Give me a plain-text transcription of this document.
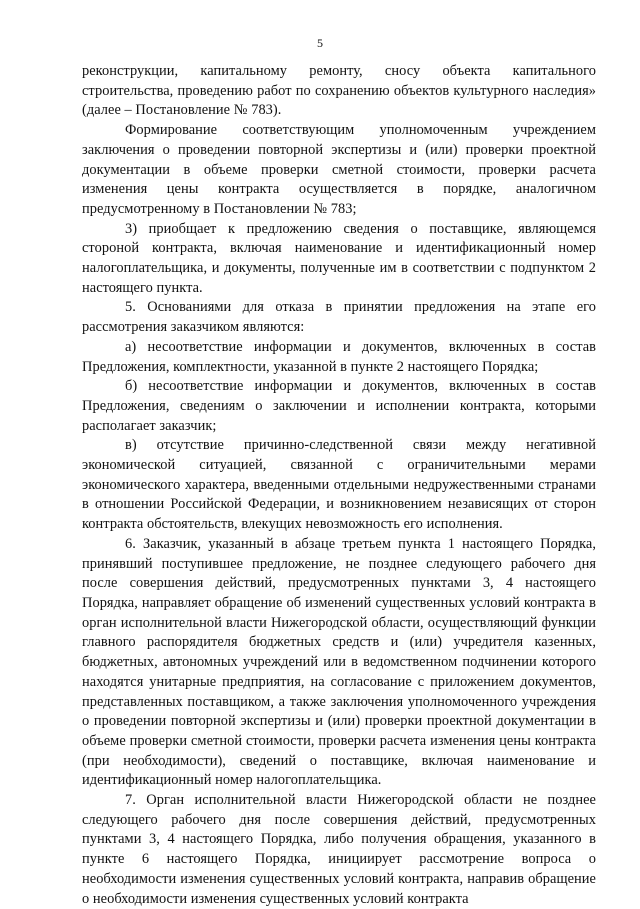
5

реконструкции, капитальному ремонту, сносу объекта капитального строительства, проведению работ по сохранению объектов культурного наследия» (далее – Постановление № 783).

Формирование соответствующим уполномоченным учреждением заключения о проведении повторной экспертизы и (или) проверки проектной документации в объеме проверки сметной стоимости, проверки расчета изменения цены контракта осуществляется в порядке, аналогичном предусмотренному в Постановлении № 783;

3) приобщает к предложению сведения о поставщике, являющемся стороной контракта, включая наименование и идентификационный номер налогоплательщика, и документы, полученные им в соответствии с подпунктом 2 настоящего пункта.

5. Основаниями для отказа в принятии предложения на этапе его рассмотрения заказчиком являются:

а) несоответствие информации и документов, включенных в состав Предложения, комплектности, указанной в пункте 2 настоящего Порядка;

б) несоответствие информации и документов, включенных в состав Предложения, сведениям о заключении и исполнении контракта, которыми располагает заказчик;

в) отсутствие причинно-следственной связи между негативной экономической ситуацией, связанной с ограничительными мерами экономического характера, введенными отдельными недружественными странами в отношении Российской Федерации, и возникновением независящих от сторон контракта обстоятельств, влекущих невозможность его исполнения.

6. Заказчик, указанный в абзаце третьем пункта 1 настоящего Порядка, принявший поступившее предложение, не позднее следующего рабочего дня после совершения действий, предусмотренных пунктами 3, 4 настоящего Порядка, направляет обращение об изменений существенных условий контракта в орган исполнительной власти Нижегородской области, осуществляющий функции главного распорядителя бюджетных средств и (или) учредителя казенных, бюджетных, автономных учреждений или в ведомственном подчинении которого находятся унитарные предприятия, на согласование с приложением документов, представленных поставщиком, а также заключения уполномоченного учреждения о проведении повторной экспертизы и (или) проверки проектной документации в объеме проверки сметной стоимости, проверки расчета изменения цены контракта (при необходимости), сведений о поставщике, включая наименование и идентификационный номер налогоплательщика.

7. Орган исполнительной власти Нижегородской области не позднее следующего рабочего дня после совершения действий, предусмотренных пунктами 3, 4 настоящего Порядка, либо получения обращения, указанного в пункте 6 настоящего Порядка, инициирует рассмотрение вопроса о необходимости изменения существенных условий контракта, направив обращение о необходимости изменения существенных условий контракта
